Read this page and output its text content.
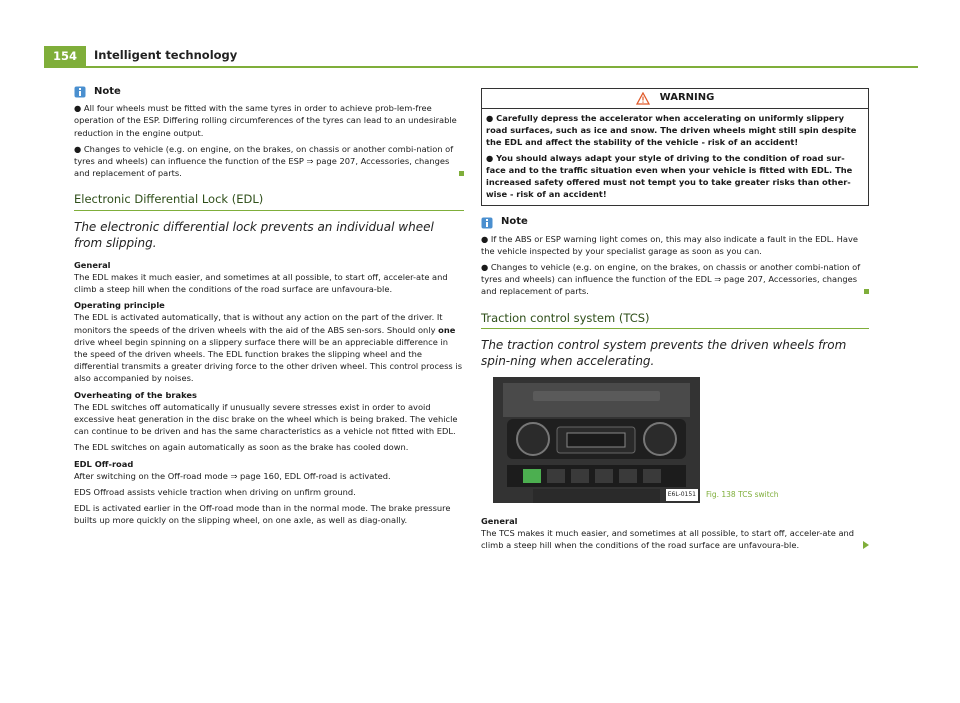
154	Intelligent technology
Note

● All four wheels must be fitted with the same tyres in order to achieve prob-lem-free operation of the ESP. Differing rolling circumferences of the tyres can lead to an undesirable reduction in the engine output.

● Changes to vehicle (e.g. on engine, on the brakes, on chassis or another combi-nation of tyres and wheels) can influence the function of the ESP ⇒ page 207, Accessories, changes and replacement of parts.

Electronic Differential Lock (EDL)

The electronic differential lock prevents an individual wheel from slipping.

General

The EDL makes it much easier, and sometimes at all possible, to start off, acceler-ate and climb a steep hill when the conditions of the road surface are unfavoura-ble.

Operating principle

The EDL is activated automatically, that is without any action on the part of the driver. It monitors the speeds of the driven wheels with the aid of the ABS sen-sors. Should only one drive wheel begin spinning on a slippery surface there will be an appreciable difference in the speed of the driven wheels. The EDL function brakes the slipping wheel and the differential transmits a greater driving force to the other driven wheel. This control process is also accompanied by noises.

Overheating of the brakes

The EDL switches off automatically if unusually severe stresses exist in order to avoid excessive heat generation in the disc brake on the wheel which is being braked. The vehicle can continue to be driven and has the same characteristics as a vehicle not fitted with EDL.

The EDL switches on again automatically as soon as the brake has cooled down.

EDL Off-road

After switching on the Off-road mode ⇒ page 160, EDL Off-road is activated.

EDS Offroad assists vehicle traction when driving on unfirm ground.

EDL is activated earlier in the Off-road mode than in the normal mode. The brake pressure builts up more quickly on the slipping wheel, on one axle, as well as diag-onally.

WARNING

● Carefully depress the accelerator when accelerating on uniformly slippery road surfaces, such as ice and snow. The driven wheels might still spin despite the EDL and affect the stability of the vehicle - risk of an accident!

● You should always adapt your style of driving to the condition of road sur-face and to the traffic situation even when your vehicle is fitted with EDL. The increased safety offered must not tempt you to take greater risks than other-wise - risk of an accident!

Note

● If the ABS or ESP warning light comes on, this may also indicate a fault in the EDL. Have the vehicle inspected by your specialist garage as soon as you can.

● Changes to vehicle (e.g. on engine, on the brakes, on chassis or another combi-nation of tyres and wheels) can influence the function of the EDL ⇒ page 207, Accessories, changes and replacement of parts.

Traction control system (TCS)

The traction control system prevents the driven wheels from spin-ning when accelerating.

E6L-0151 Fig. 138 TCS switch

General

The TCS makes it much easier, and sometimes at all possible, to start off, acceler-ate and climb a steep hill when the conditions of the road surface are unfavoura-ble.
